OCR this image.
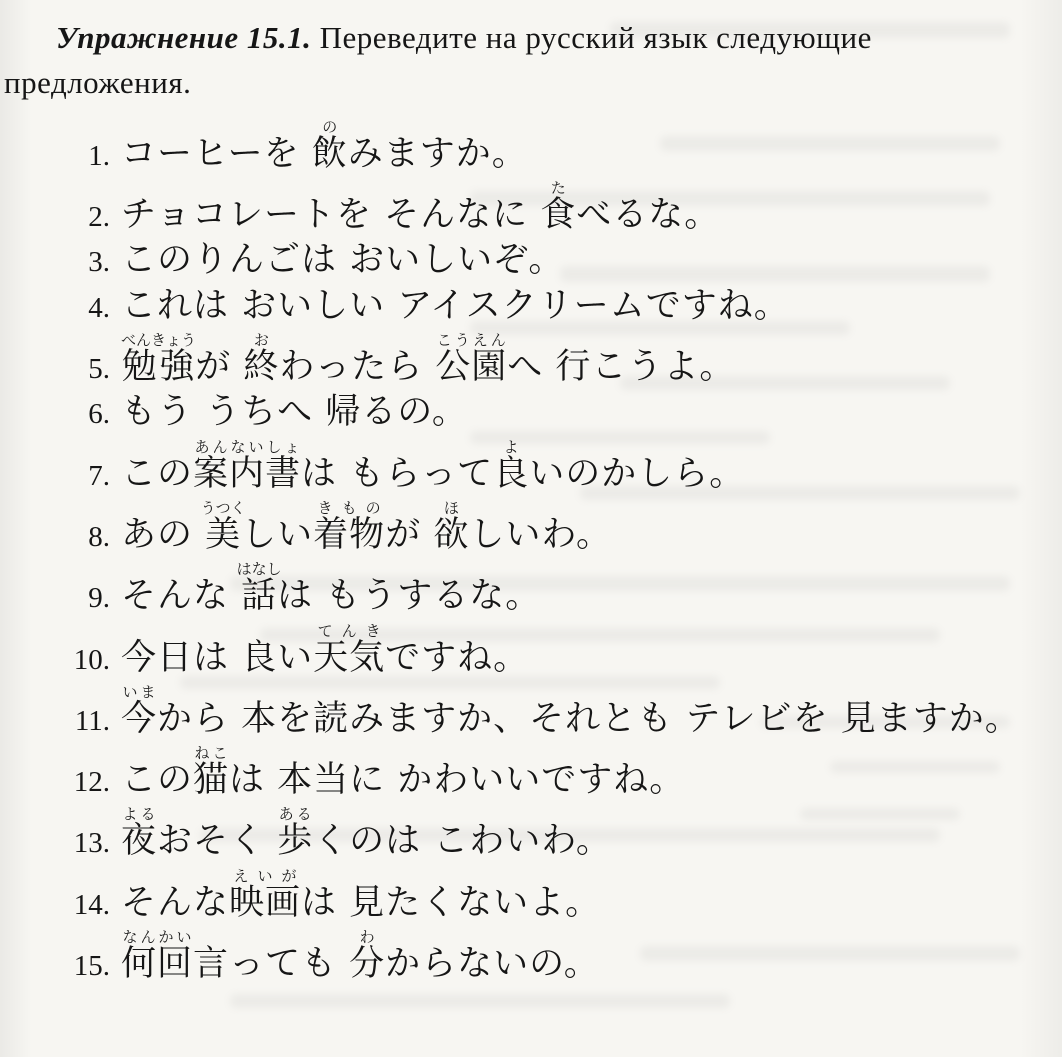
Упражнение 15.1. Переведите на русский язык следующие
предложения.

1. コーヒーを 飲のみますか。
2. チョコレートを そんなに 食たべるな。
3. このりんごは おいしいぞ。
4. これは おいしい アイスクリームですね。
5. 勉強べんきょうが 終おわったら 公園こうえんへ 行こうよ。
6. もう うちへ 帰るの。
7. この案内書あんないしょは もらって良よいのかしら。
8. あの 美うつくしい着物きものが 欲ほしいわ。
9. そんな 話はなしは もうするな。
10. 今日は 良い天気てんきですね。
11. 今いまから 本を読みますか、それとも テレビを 見ますか。
12. この猫ねこは 本当に かわいいですね。
13. 夜よるおそく 歩あるくのは こわいわ。
14. そんな映画えいがは 見たくないよ。
15. 何回なんかい言っても 分わからないの。
